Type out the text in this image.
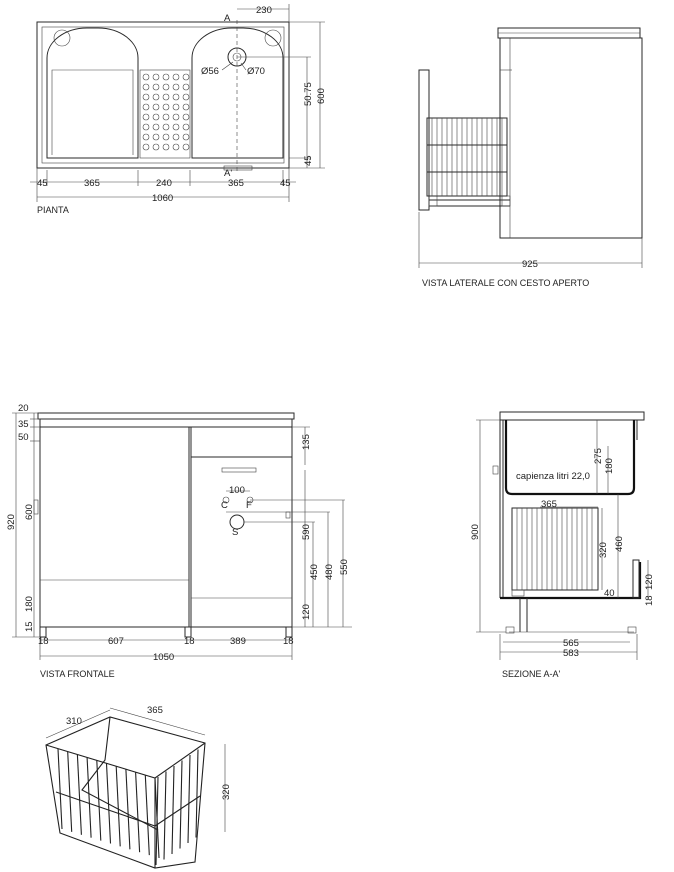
A
A'
230
Ø56	Ø70
600
50.75
45
45	365	240	365	45
1060
PIANTA
925
VISTA LATERALE CON CESTO APERTO
C F
S
100
20
35
50
920
600
180
15
135
590
450 480 550
120
18	607	18	389	18
1050
VISTA FRONTALE
capienza litri 22,0
900
275
180
365
320 460
40
120
18
565
583
SEZIONE A-A'
310
365
320
